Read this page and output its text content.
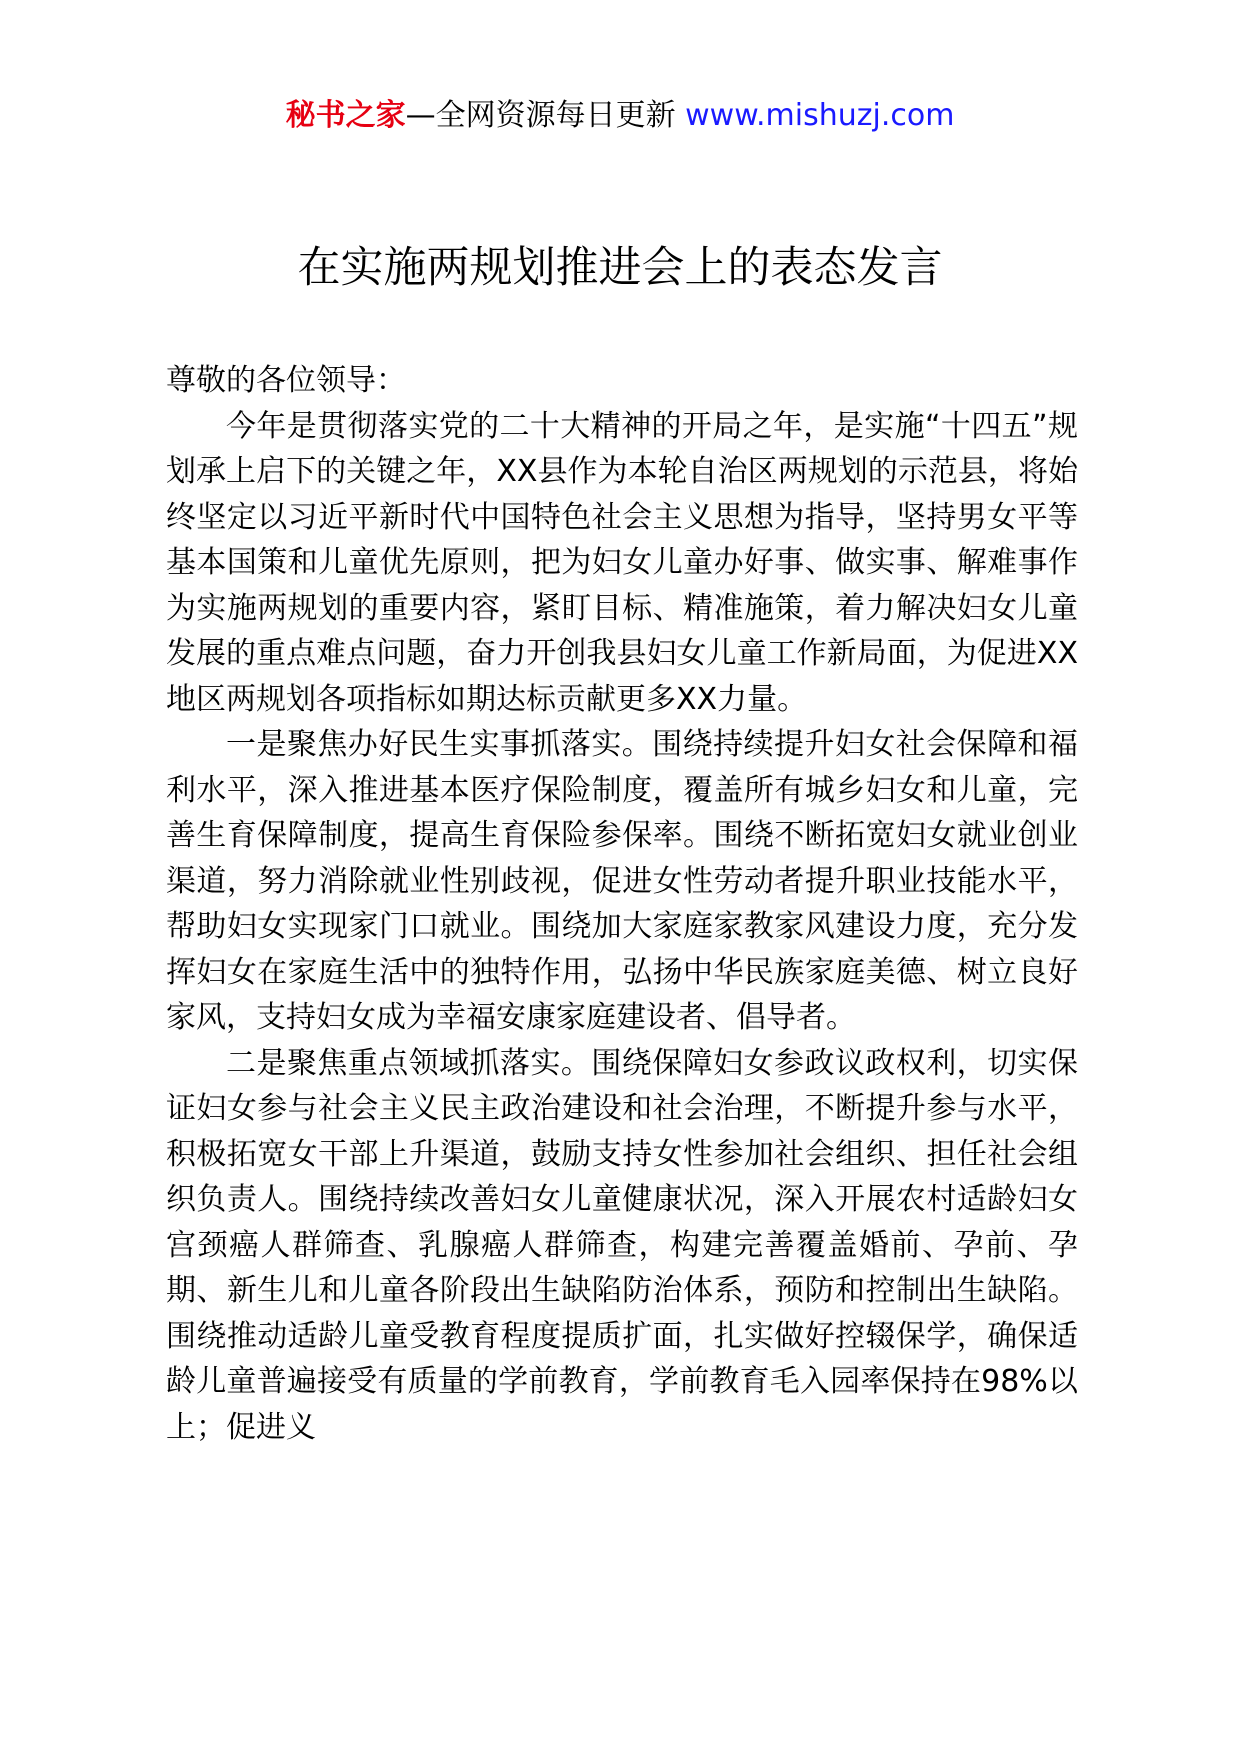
秘书之家—全网资源每日更新 www.mishuzj.com
在实施两规划推进会上的表态发言

尊敬的各位领导：

今年是贯彻落实党的二十大精神的开局之年，是实施“十四五”规划承上启下的关键之年，XX县作为本轮自治区两规划的示范县，将始终坚定以习近平新时代中国特色社会主义思想为指导，坚持男女平等基本国策和儿童优先原则，把为妇女儿童办好事、做实事、解难事作为实施两规划的重要内容，紧盯目标、精准施策，着力解决妇女儿童发展的重点难点问题，奋力开创我县妇女儿童工作新局面，为促进XX地区两规划各项指标如期达标贡献更多XX力量。

一是聚焦办好民生实事抓落实。围绕持续提升妇女社会保障和福利水平，深入推进基本医疗保险制度，覆盖所有城乡妇女和儿童，完善生育保障制度，提高生育保险参保率。围绕不断拓宽妇女就业创业渠道，努力消除就业性别歧视，促进女性劳动者提升职业技能水平，帮助妇女实现家门口就业。围绕加大家庭家教家风建设力度，充分发挥妇女在家庭生活中的独特作用，弘扬中华民族家庭美德、树立良好家风，支持妇女成为幸福安康家庭建设者、倡导者。

二是聚焦重点领域抓落实。围绕保障妇女参政议政权利，切实保证妇女参与社会主义民主政治建设和社会治理，不断提升参与水平，积极拓宽女干部上升渠道，鼓励支持女性参加社会组织、担任社会组织负责人。围绕持续改善妇女儿童健康状况，深入开展农村适龄妇女宫颈癌人群筛查、乳腺癌人群筛查，构建完善覆盖婚前、孕前、孕期、新生儿和儿童各阶段出生缺陷防治体系，预防和控制出生缺陷。围绕推动适龄儿童受教育程度提质扩面，扎实做好控辍保学，确保适龄儿童普遍接受有质量的学前教育，学前教育毛入园率保持在98%以上；促进义
